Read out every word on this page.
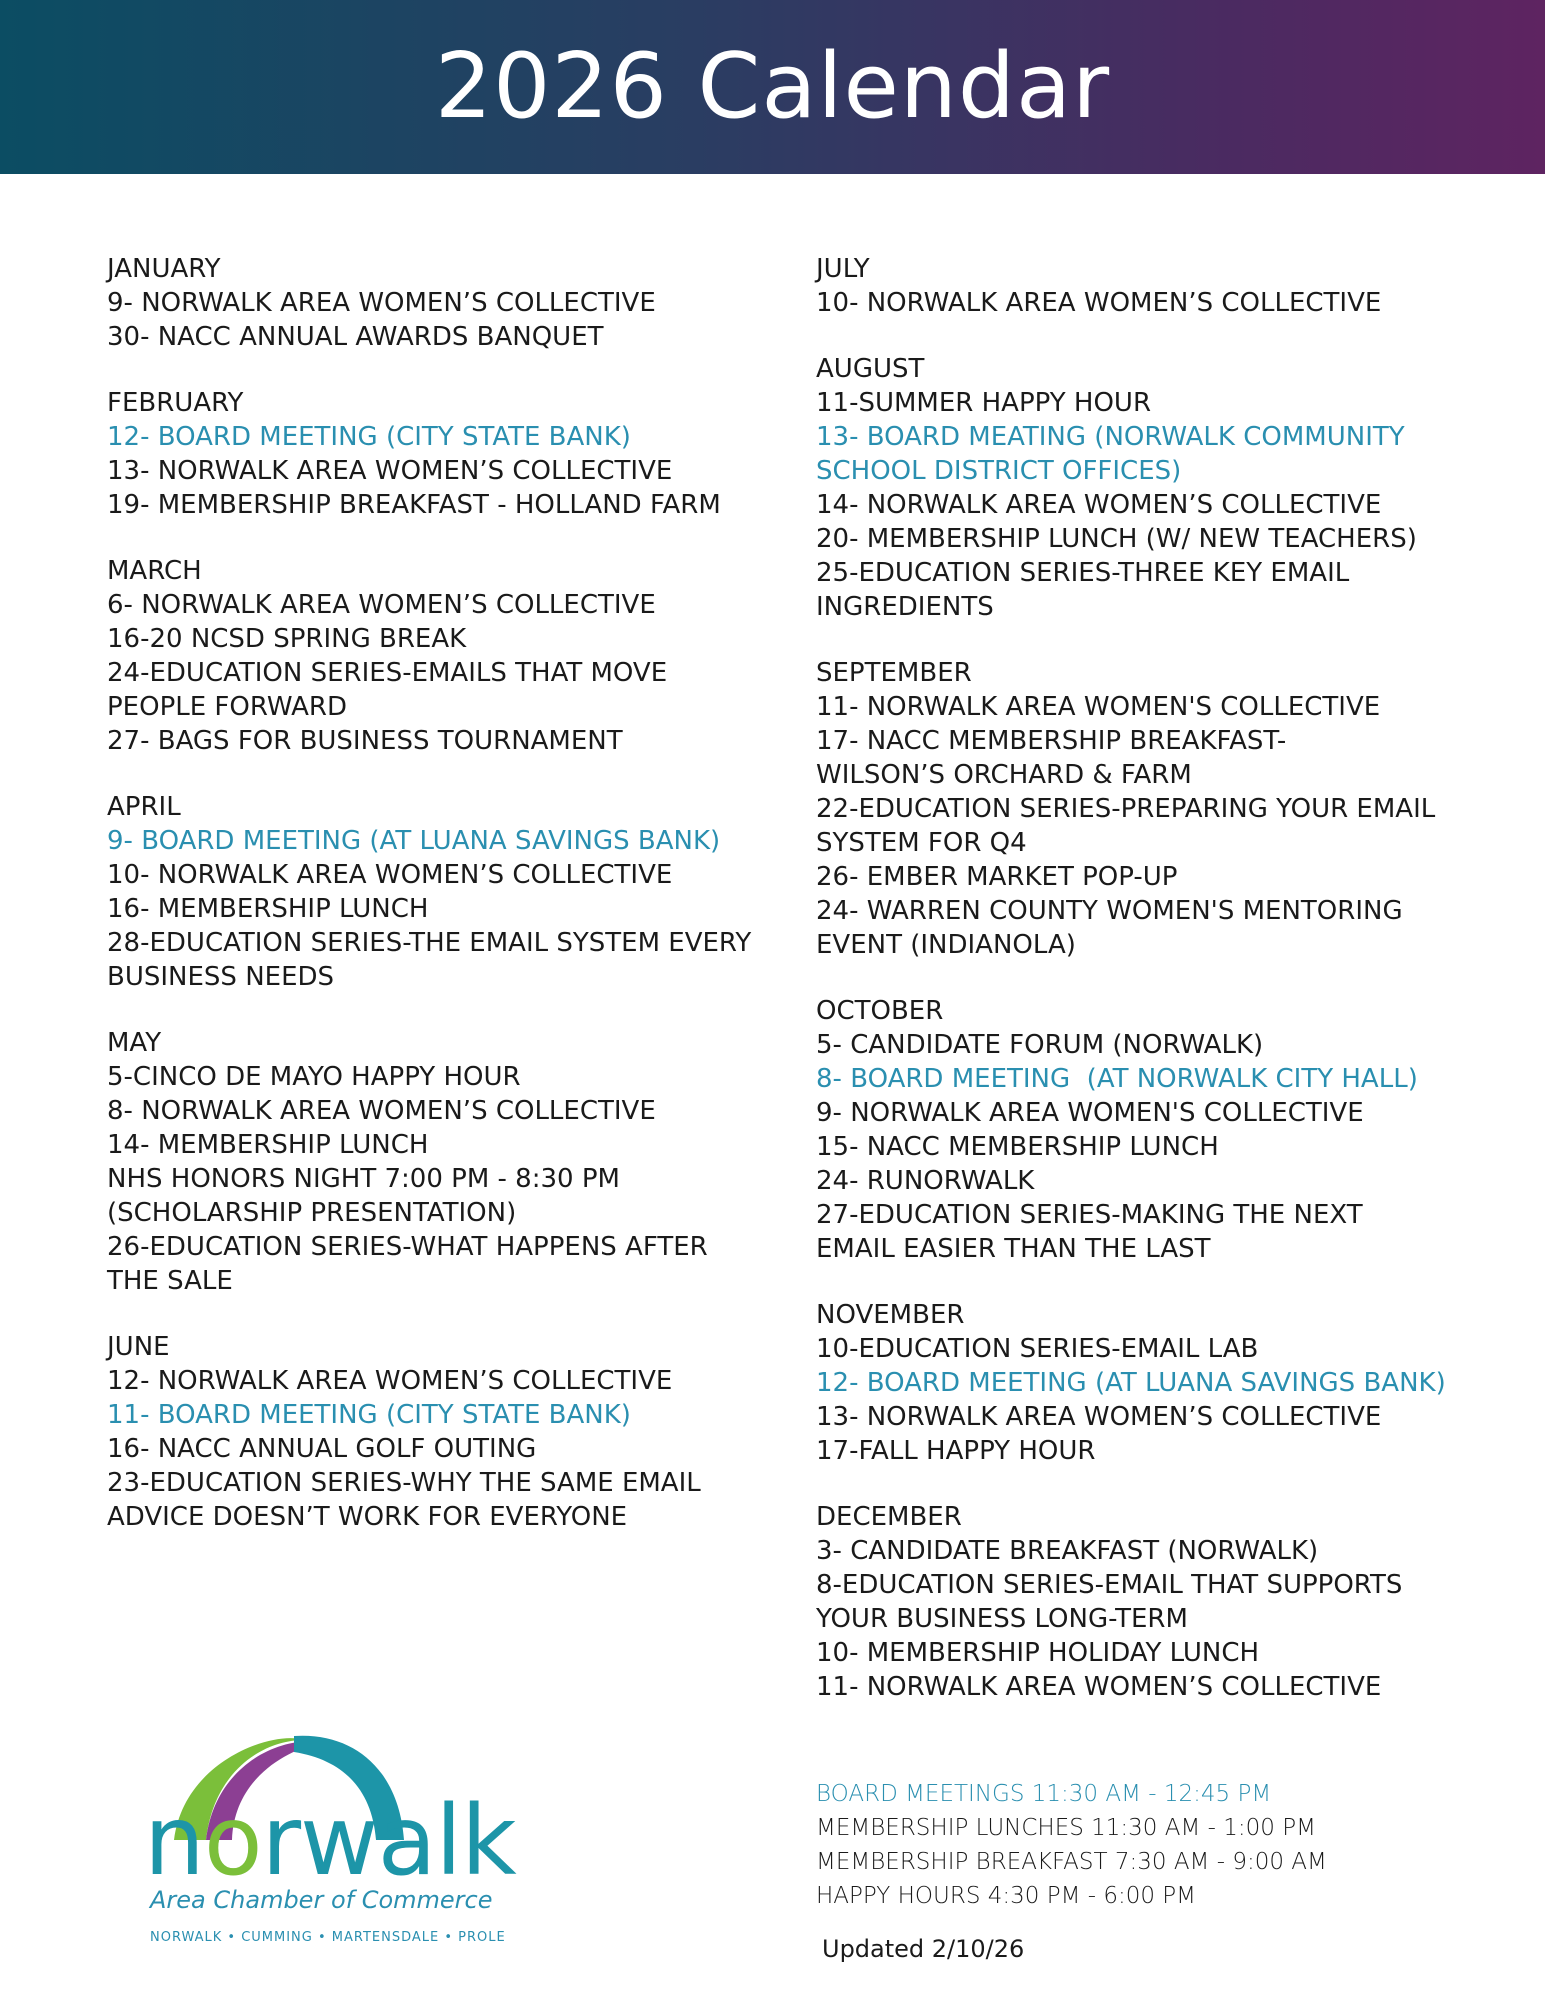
2026 Calendar
JANUARY
9- NORWALK AREA WOMEN’S COLLECTIVE
30- NACC ANNUAL AWARDS BANQUET
FEBRUARY
12- BOARD MEETING (CITY STATE BANK)
13- NORWALK AREA WOMEN’S COLLECTIVE
19- MEMBERSHIP BREAKFAST - HOLLAND FARM
MARCH
6- NORWALK AREA WOMEN’S COLLECTIVE
16-20 NCSD SPRING BREAK
24-EDUCATION SERIES-EMAILS THAT MOVE
PEOPLE FORWARD
27- BAGS FOR BUSINESS TOURNAMENT
APRIL
9- BOARD MEETING (AT LUANA SAVINGS BANK)
10- NORWALK AREA WOMEN’S COLLECTIVE
16- MEMBERSHIP LUNCH
28-EDUCATION SERIES-THE EMAIL SYSTEM EVERY
BUSINESS NEEDS
MAY
5-CINCO DE MAYO HAPPY HOUR
8- NORWALK AREA WOMEN’S COLLECTIVE
14- MEMBERSHIP LUNCH
NHS HONORS NIGHT 7:00 PM - 8:30 PM
(SCHOLARSHIP PRESENTATION)
26-EDUCATION SERIES-WHAT HAPPENS AFTER
THE SALE
JUNE
12- NORWALK AREA WOMEN’S COLLECTIVE
11- BOARD MEETING (CITY STATE BANK)
16- NACC ANNUAL GOLF OUTING
23-EDUCATION SERIES-WHY THE SAME EMAIL
ADVICE DOESN’T WORK FOR EVERYONE
JULY
10- NORWALK AREA WOMEN’S COLLECTIVE
AUGUST
11-SUMMER HAPPY HOUR
13- BOARD MEATING (NORWALK COMMUNITY
SCHOOL DISTRICT OFFICES)
14- NORWALK AREA WOMEN’S COLLECTIVE
20- MEMBERSHIP LUNCH (W/ NEW TEACHERS)
25-EDUCATION SERIES-THREE KEY EMAIL
INGREDIENTS
SEPTEMBER
11- NORWALK AREA WOMEN'S COLLECTIVE
17- NACC MEMBERSHIP BREAKFAST-
WILSON’S ORCHARD & FARM
22-EDUCATION SERIES-PREPARING YOUR EMAIL
SYSTEM FOR Q4
26- EMBER MARKET POP-UP
24- WARREN COUNTY WOMEN'S MENTORING
EVENT (INDIANOLA)
OCTOBER
5- CANDIDATE FORUM (NORWALK)
8- BOARD MEETING  (AT NORWALK CITY HALL)
9- NORWALK AREA WOMEN'S COLLECTIVE
15- NACC MEMBERSHIP LUNCH
24- RUNORWALK
27-EDUCATION SERIES-MAKING THE NEXT
EMAIL EASIER THAN THE LAST
NOVEMBER
10-EDUCATION SERIES-EMAIL LAB
12- BOARD MEETING (AT LUANA SAVINGS BANK)
13- NORWALK AREA WOMEN’S COLLECTIVE
17-FALL HAPPY HOUR
DECEMBER
3- CANDIDATE BREAKFAST (NORWALK)
8-EDUCATION SERIES-EMAIL THAT SUPPORTS
YOUR BUSINESS LONG-TERM
10- MEMBERSHIP HOLIDAY LUNCH
11- NORWALK AREA WOMEN’S COLLECTIVE
BOARD MEETINGS 11:30 AM - 12:45 PM
MEMBERSHIP LUNCHES 11:30 AM - 1:00 PM
MEMBERSHIP BREAKFAST 7:30 AM - 9:00 AM
HAPPY HOURS 4:30 PM - 6:00 PM
Updated 2/10/26
norwalk
Area Chamber of Commerce
NORWALK • CUMMING • MARTENSDALE • PROLE
